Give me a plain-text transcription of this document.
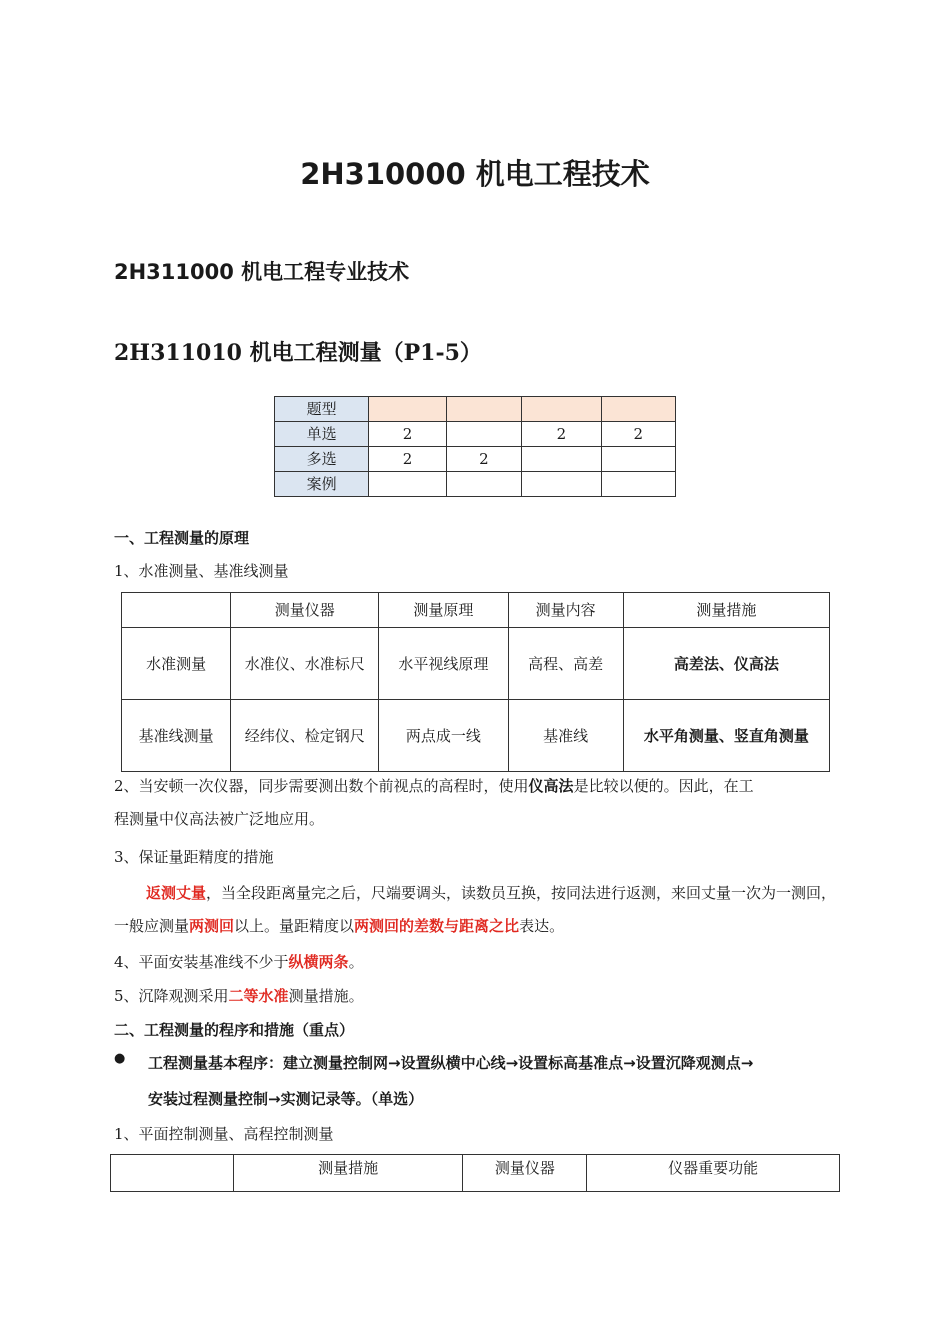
2H310000 机电工程技术
2H311000 机电工程专业技术
2H311010 机电工程测量（P1-5）
题型				
单选	2		2	2
多选	2	2		
案例				
一、工程测量的原理
1、水准测量、基准线测量
	测量仪器	测量原理	测量内容	测量措施
水准测量	水准仪、水准标尺	水平视线原理	高程、高差	高差法、仪高法
基准线测量	经纬仪、检定钢尺	两点成一线	基准线	水平角测量、竖直角测量
2、当安顿一次仪器，同步需要测出数个前视点的高程时，使用仪高法是比较以便的。因此，在工
程测量中仪高法被广泛地应用。
3、保证量距精度的措施
返测丈量，当全段距离量完之后，尺端要调头，读数员互换，按同法进行返测，来回丈量一次为一测回，一般应测量两测回以上。量距精度以两测回的差数与距离之比表达。
4、平面安装基准线不少于纵横两条。
5、沉降观测采用二等水准测量措施。
二、工程测量的程序和措施（重点）
● 工程测量基本程序：建立测量控制网→设置纵横中心线→设置标高基准点→设置沉降观测点→
安装过程测量控制→实测记录等。（单选）
1、平面控制测量、高程控制测量
	测量措施	测量仪器	仪器重要功能
